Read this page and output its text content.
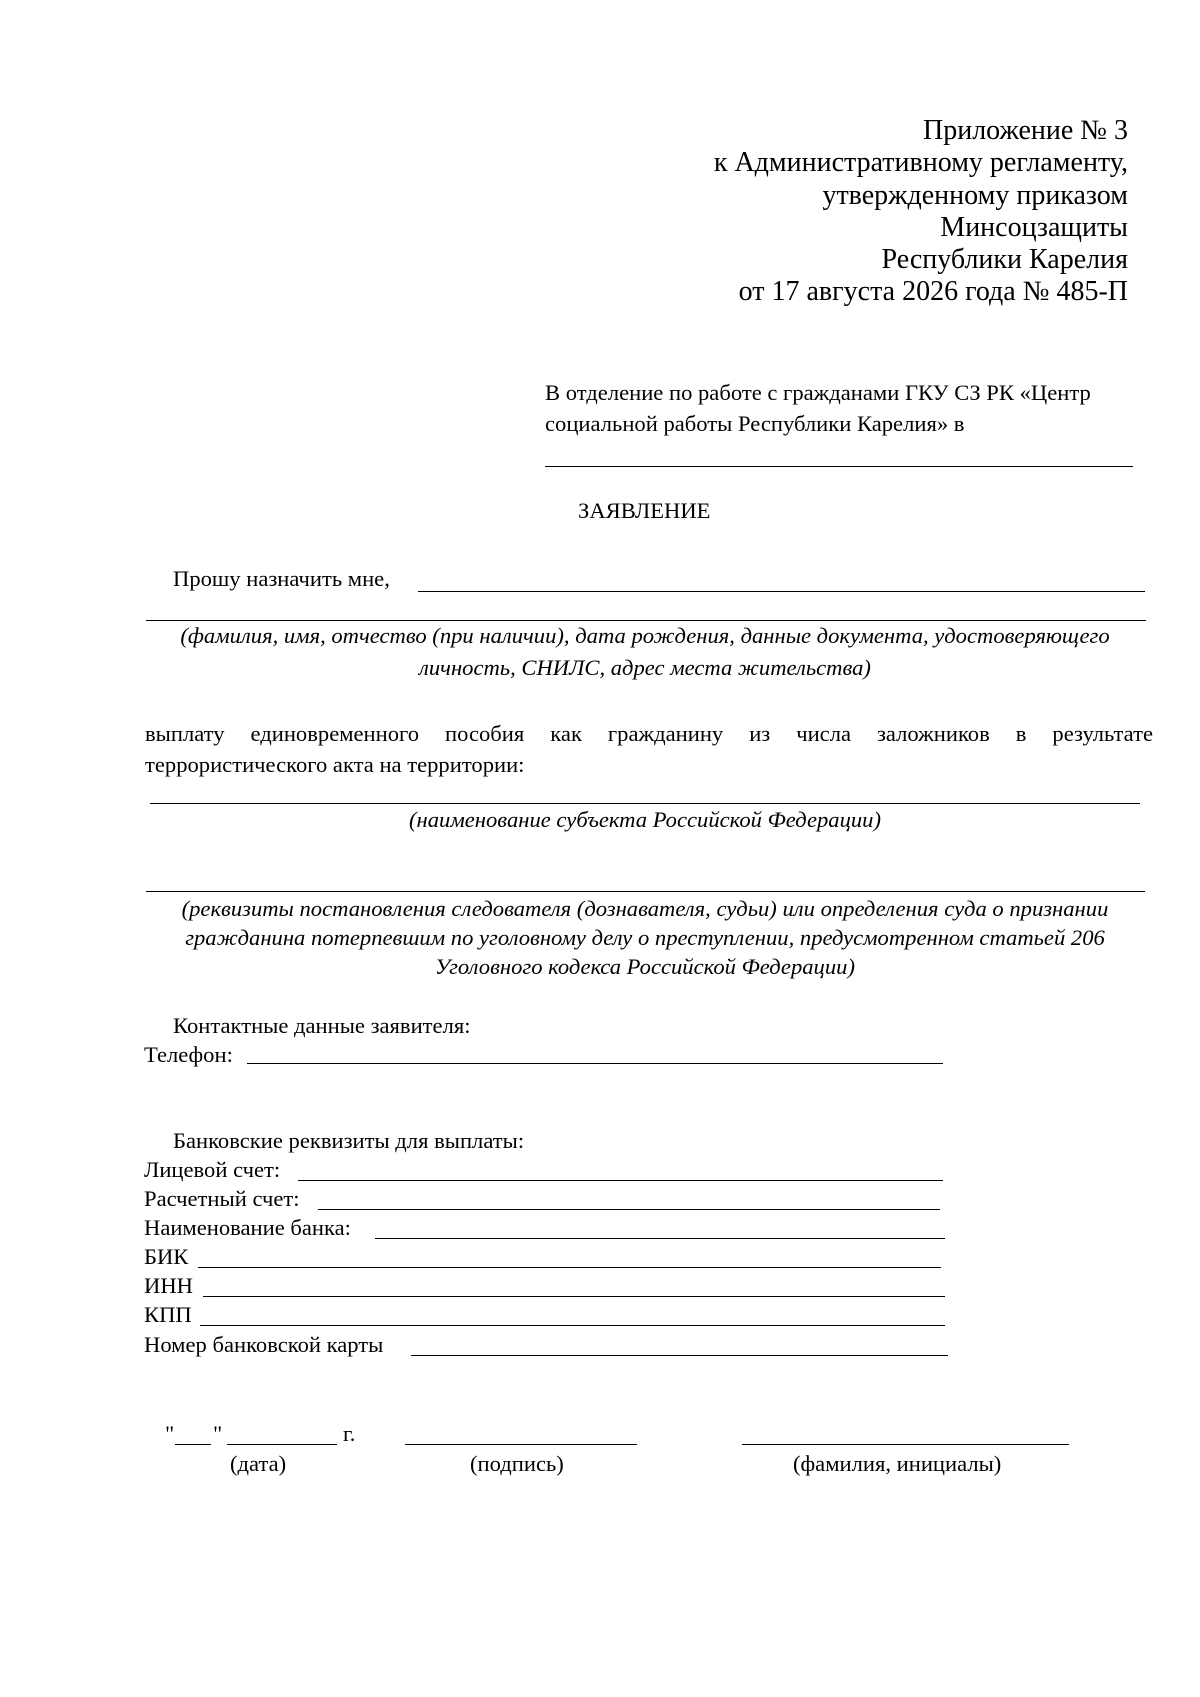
Приложение № 3
к Административному регламенту,
утвержденному приказом
Минсоцзащиты
Республики Карелия
от 17 августа 2026 года № 485-П
В отделение по работе с гражданами ГКУ СЗ РК «Центр
социальной работы Республики Карелия» в
ЗАЯВЛЕНИЕ
Прошу назначить мне,
(фамилия, имя, отчество (при наличии), дата рождения, данные документа, удостоверяющего
личность, СНИЛС, адрес места жительства)
выплату единовременного пособия как гражданину из числа заложников в результате
террористического акта на территории:
(наименование субъекта Российской Федерации)
(реквизиты постановления следователя (дознавателя, судьи) или определения суда о признании
гражданина потерпевшим по уголовному делу о преступлении, предусмотренном статьей 206
Уголовного кодекса Российской Федерации)
Контактные данные заявителя:
Телефон:
Банковские реквизиты для выплаты:
Лицевой счет:
Расчетный счет:
Наименование банка:
БИК
ИНН
КПП
Номер банковской карты
" "	г.
(дата)	(подпись)	(фамилия, инициалы)
